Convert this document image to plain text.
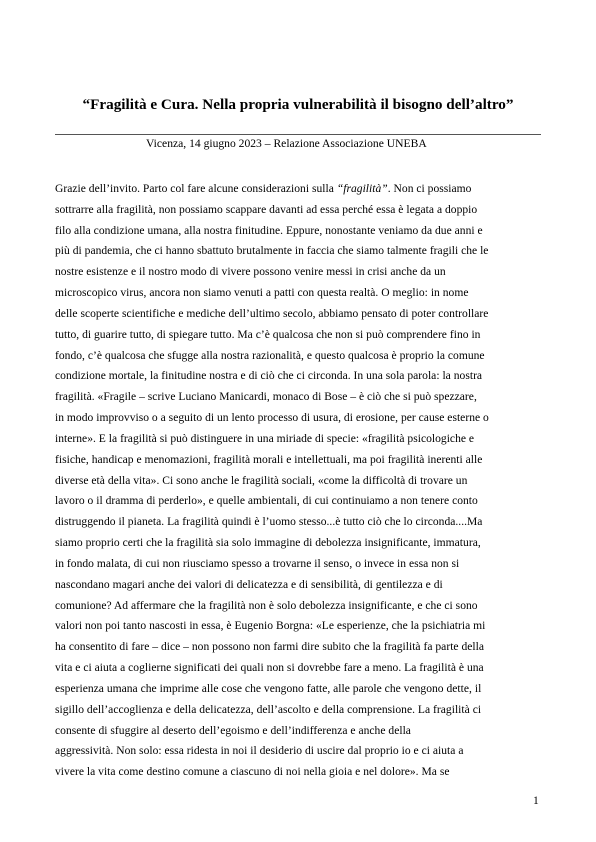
“Fragilità e Cura. Nella propria vulnerabilità il bisogno dell’altro”
Vicenza, 14 giugno 2023 – Relazione Associazione UNEBA
Grazie dell’invito. Parto col fare alcune considerazioni sulla “fragilità”. Non ci possiamo
sottrarre alla fragilità, non possiamo scappare davanti ad essa perché essa è legata a doppio
filo alla condizione umana, alla nostra finitudine. Eppure, nonostante veniamo da due anni e
più di pandemia, che ci hanno sbattuto brutalmente in faccia che siamo talmente fragili che le
nostre esistenze e il nostro modo di vivere possono venire messi in crisi anche da un
microscopico virus, ancora non siamo venuti a patti con questa realtà. O meglio: in nome
delle scoperte scientifiche e mediche dell’ultimo secolo, abbiamo pensato di poter controllare
tutto, di guarire tutto, di spiegare tutto. Ma c’è qualcosa che non si può comprendere fino in
fondo, c’è qualcosa che sfugge alla nostra razionalità, e questo qualcosa è proprio la comune
condizione mortale, la finitudine nostra e di ciò che ci circonda. In una sola parola: la nostra
fragilità. «Fragile – scrive Luciano Manicardi, monaco di Bose – è ciò che si può spezzare,
in modo improvviso o a seguito di un lento processo di usura, di erosione, per cause esterne o
interne». E la fragilità si può distinguere in una miriade di specie: «fragilità psicologiche e
fisiche, handicap e menomazioni, fragilità morali e intellettuali, ma poi fragilità inerenti alle
diverse età della vita». Ci sono anche le fragilità sociali, «come la difficoltà di trovare un
lavoro o il dramma di perderlo», e quelle ambientali, di cui continuiamo a non tenere conto
distruggendo il pianeta. La fragilità quindi è l’uomo stesso...è tutto ciò che lo circonda....Ma
siamo proprio certi che la fragilità sia solo immagine di debolezza insignificante, immatura,
in fondo malata, di cui non riusciamo spesso a trovarne il senso, o invece in essa non si
nascondano magari anche dei valori di delicatezza e di sensibilità, di gentilezza e di
comunione? Ad affermare che la fragilità non è solo debolezza insignificante, e che ci sono
valori non poi tanto nascosti in essa, è Eugenio Borgna: «Le esperienze, che la psichiatria mi
ha consentito di fare – dice – non possono non farmi dire subito che la fragilità fa parte della
vita e ci aiuta a coglierne significati dei quali non si dovrebbe fare a meno. La fragilità è una
esperienza umana che imprime alle cose che vengono fatte, alle parole che vengono dette, il
sigillo dell’accoglienza e della delicatezza, dell’ascolto e della comprensione. La fragilità ci
consente di sfuggire al deserto dell’egoismo e dell’indifferenza e anche della
aggressività. Non solo: essa ridesta in noi il desiderio di uscire dal proprio io e ci aiuta a
vivere la vita come destino comune a ciascuno di noi nella gioia e nel dolore». Ma se
1
